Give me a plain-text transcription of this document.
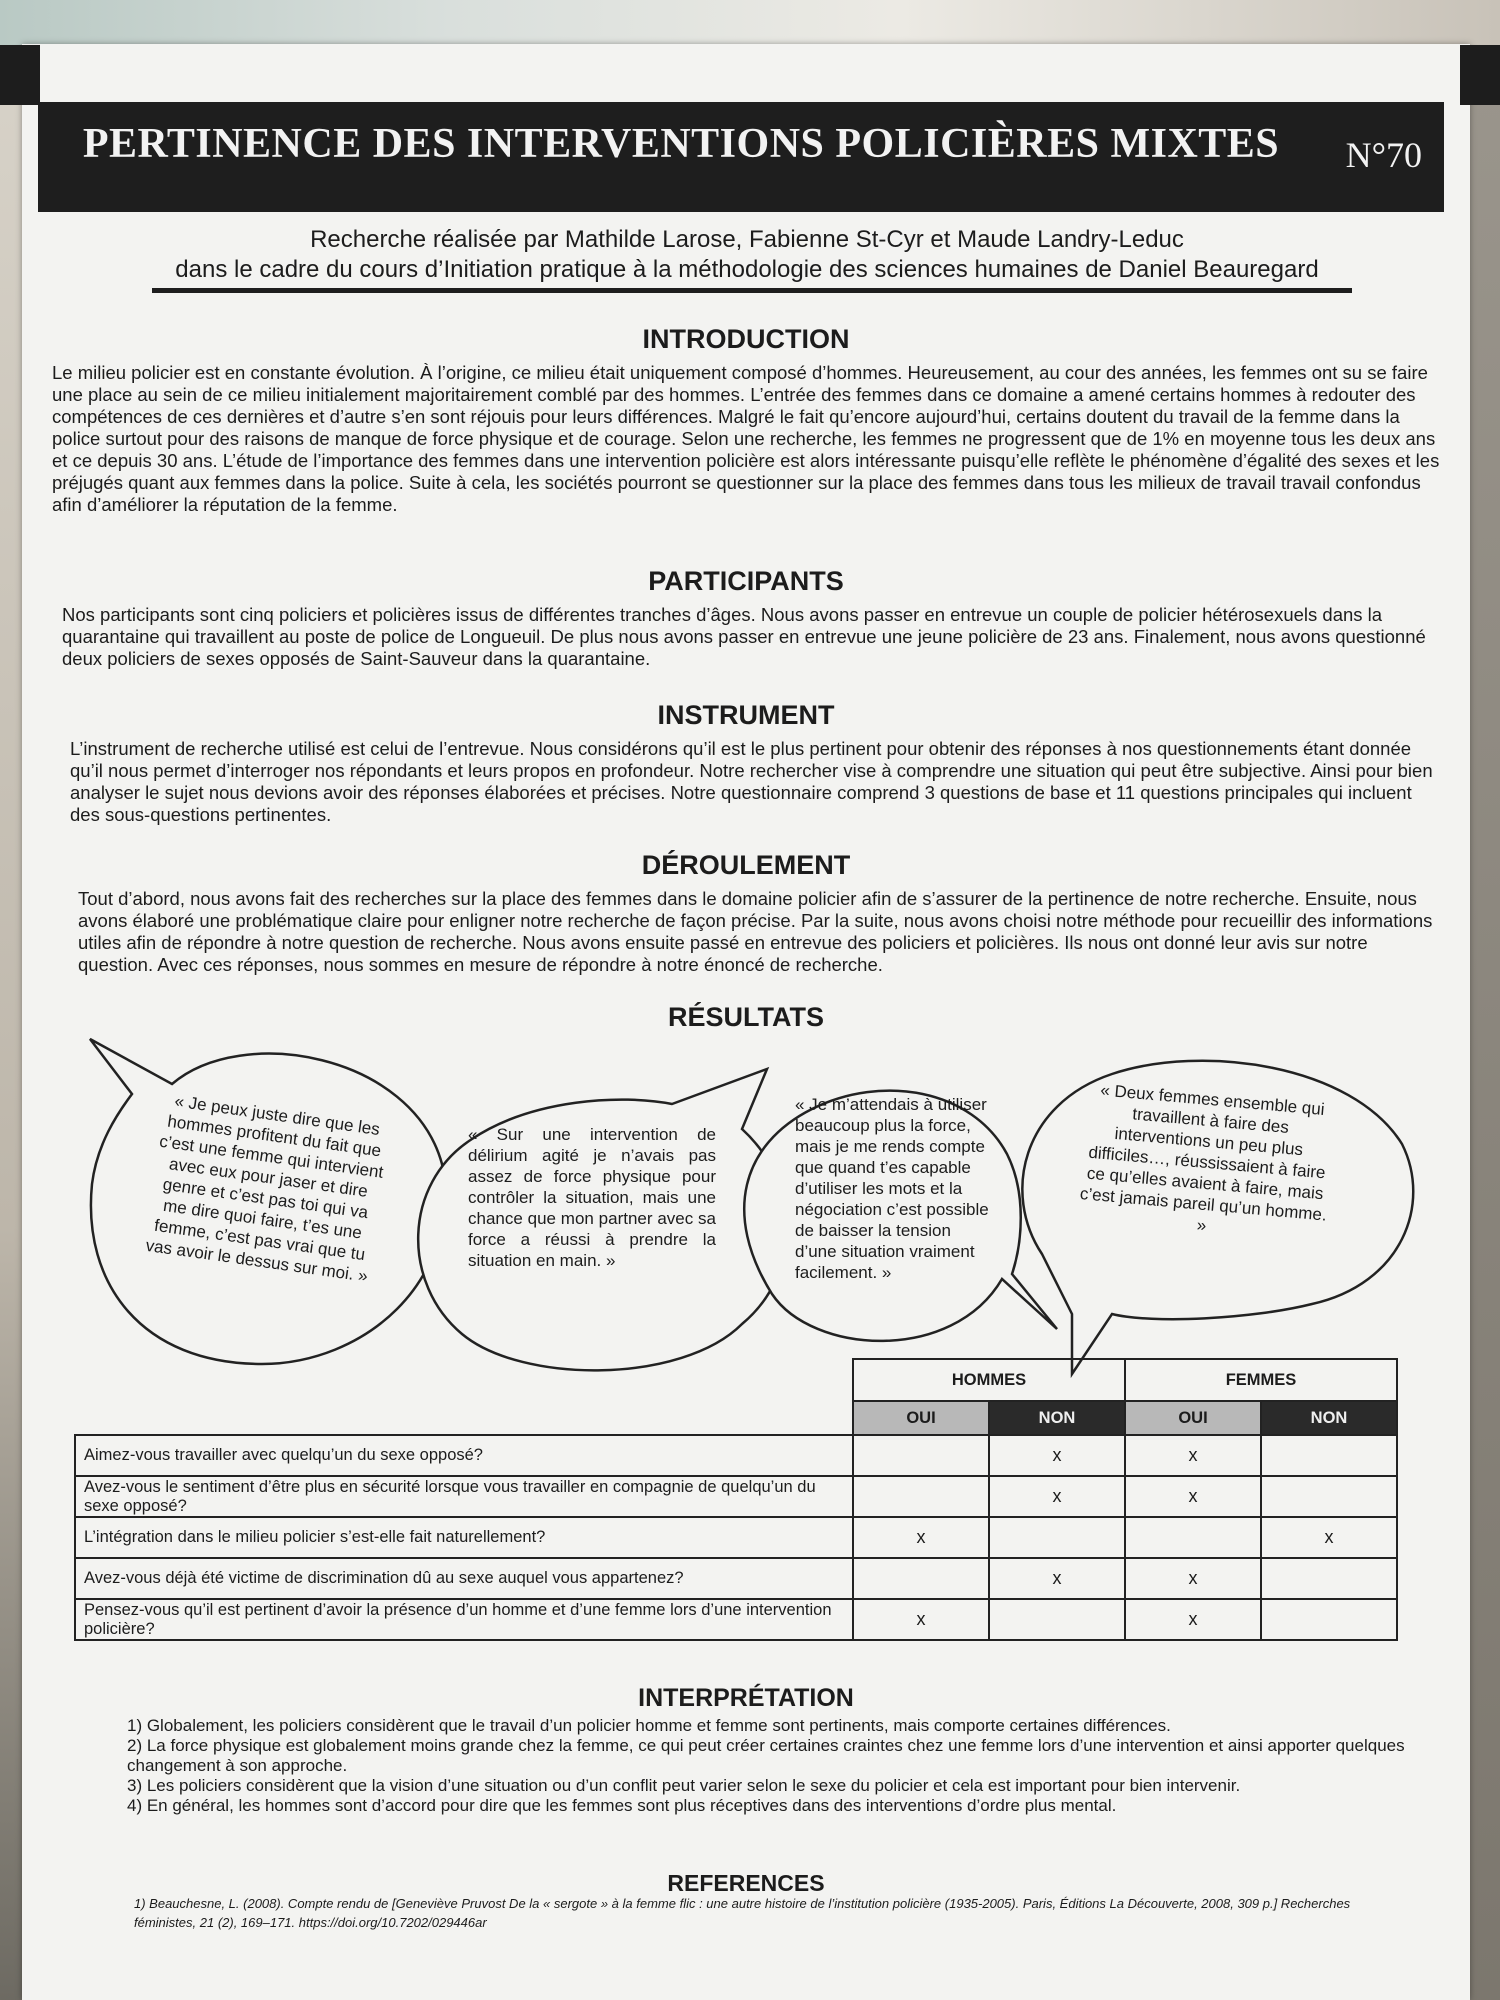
PERTINENCE DES INTERVENTIONS POLICIÈRES MIXTES	N°70
Recherche réalisée par Mathilde Larose, Fabienne St-Cyr et Maude Landry-Leduc
dans le cadre du cours d’Initiation pratique à la méthodologie des sciences humaines de Daniel Beauregard
INTRODUCTION

Le milieu policier est en constante évolution. À l’origine, ce milieu était uniquement composé d’hommes. Heureusement, au cour des années, les femmes ont su se faire une place au sein de ce milieu initialement majoritairement comblé par des hommes. L’entrée des femmes dans ce domaine a amené certains hommes à redouter des compétences de ces dernières et d’autre s’en sont réjouis pour leurs différences. Malgré le fait qu’encore aujourd’hui, certains doutent du travail de la femme dans la police surtout pour des raisons de manque de force physique et de courage. Selon une recherche, les femmes ne progressent que de 1% en moyenne tous les deux ans et ce depuis 30 ans. L’étude de l’importance des femmes dans une intervention policière est alors intéressante puisqu’elle reflète le phénomène d’égalité des sexes et les préjugés quant aux femmes dans la police. Suite à cela, les sociétés pourront se questionner sur la place des femmes dans tous les milieux de travail travail confondus afin d’améliorer la réputation de la femme.

PARTICIPANTS

Nos participants sont cinq policiers et policières issus de différentes tranches d’âges. Nous avons passer en entrevue un couple de policier hétérosexuels dans la quarantaine qui travaillent au poste de police de Longueuil. De plus nous avons passer en entrevue une jeune policière de 23 ans. Finalement, nous avons questionné deux policiers de sexes opposés de Saint-Sauveur dans la quarantaine.

INSTRUMENT

L’instrument de recherche utilisé est celui de l’entrevue. Nous considérons qu’il est le plus pertinent pour obtenir des réponses à nos questionnements étant donnée qu’il nous permet d’interroger nos répondants et leurs propos en profondeur. Notre rechercher vise à comprendre une situation qui peut être subjective. Ainsi pour bien analyser le sujet nous devions avoir des réponses élaborées et précises. Notre questionnaire comprend 3 questions de base et 11 questions principales qui incluent des sous-questions pertinentes.

DÉROULEMENT

Tout d’abord, nous avons fait des recherches sur la place des femmes dans le domaine policier afin de s’assurer de la pertinence de notre recherche. Ensuite, nous avons élaboré une problématique claire pour enligner notre recherche de façon précise. Par la suite, nous avons choisi notre méthode pour recueillir des informations utiles afin de répondre à notre question de recherche. Nous avons ensuite passé en entrevue des policiers et policières. Ils nous ont donné leur avis sur notre question. Avec ces réponses, nous sommes en mesure de répondre à notre énoncé de recherche.

RÉSULTATS
« Je peux juste dire que les hommes profitent du fait que c’est une femme qui intervient avec eux pour jaser et dire genre et c’est pas toi qui va me dire quoi faire, t’es une femme, c’est pas vrai que tu vas avoir le dessus sur moi. »
« Sur une intervention de délirium agité je n’avais pas assez de force physique pour contrôler la situation, mais une chance que mon partner avec sa force a réussi à prendre la situation en main. »
« Je m’attendais à utiliser beaucoup plus la force, mais je me rends compte que quand t’es capable d’utiliser les mots et la négociation c’est possible de baisser la tension d’une situation vraiment facilement. »
« Deux femmes ensemble qui travaillent à faire des interventions un peu plus difficiles…, réussissaient à faire ce qu’elles avaient à faire, mais c’est jamais pareil qu’un homme. »
	HOMMES		FEMMES	
	OUI	NON	OUI	NON
Aimez-vous travailler avec quelqu’un du sexe opposé?		x	x	
Avez-vous le sentiment d’être plus en sécurité lorsque vous travailler en compagnie de quelqu’un du sexe opposé?		x	x	
L’intégration dans le milieu policier s’est-elle fait naturellement?	x			x
Avez-vous déjà été victime de discrimination dû au sexe auquel vous appartenez?		x	x	
Pensez-vous qu’il est pertinent d’avoir la présence d’un homme et d’une femme lors d’une intervention policière?	x		x	
INTERPRÉTATION

1) Globalement, les policiers considèrent que le travail d’un policier homme et femme sont pertinents, mais comporte certaines différences.

2) La force physique est globalement moins grande chez la femme, ce qui peut créer certaines craintes chez une femme lors d’une intervention et ainsi apporter quelques changement à son approche.

3) Les policiers considèrent que la vision d’une situation ou d’un conflit peut varier selon le sexe du policier et cela est important pour bien intervenir.

4) En général, les hommes sont d’accord pour dire que les femmes sont plus réceptives dans des interventions d’ordre plus mental.

REFERENCES
1) Beauchesne, L. (2008). Compte rendu de [Geneviève Pruvost De la « sergote » à la femme flic : une autre histoire de l’institution policière (1935-2005). Paris, Éditions La Découverte, 2008, 309 p.] Recherches féministes, 21 (2), 169–171. https://doi.org/10.7202/029446ar
